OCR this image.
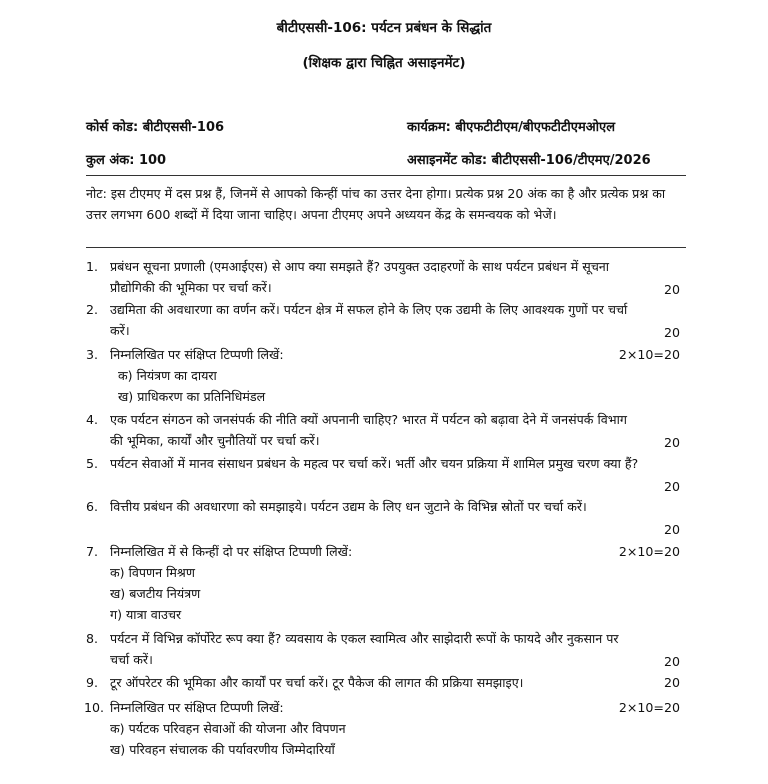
बीटीएससी-106: पर्यटन प्रबंधन के सिद्धांत
(शिक्षक द्वारा चिह्नित असाइनमेंट)
कोर्स कोड: बीटीएससी-106	कार्यक्रम: बीएफटीटीएम/बीएफटीटीएमओएल
कुल अंक: 100	असाइनमेंट कोड: बीटीएससी-106/टीएमए/2026
नोट: इस टीएमए में दस प्रश्न हैं, जिनमें से आपको किन्हीं पांच का उत्तर देना होगा। प्रत्येक प्रश्न 20 अंक का है और प्रत्येक प्रश्न का उत्तर लगभग 600 शब्दों में दिया जाना चाहिए। अपना टीएमए अपने अध्ययन केंद्र के समन्वयक को भेजें।
1. प्रबंधन सूचना प्रणाली (एमआईएस) से आप क्या समझते हैं? उपयुक्त उदाहरणों के साथ पर्यटन प्रबंधन में सूचना प्रौद्योगिकी की भूमिका पर चर्चा करें।	20
2. उद्यमिता की अवधारणा का वर्णन करें। पर्यटन क्षेत्र में सफल होने के लिए एक उद्यमी के लिए आवश्यक गुणों पर चर्चा करें।	20
3. निम्नलिखित पर संक्षिप्त टिप्पणी लिखें:	2×10=20
क) नियंत्रण का दायरा
ख) प्राधिकरण का प्रतिनिधिमंडल
4. एक पर्यटन संगठन को जनसंपर्क की नीति क्यों अपनानी चाहिए? भारत में पर्यटन को बढ़ावा देने में जनसंपर्क विभाग की भूमिका, कार्यों और चुनौतियों पर चर्चा करें।	20
5. पर्यटन सेवाओं में मानव संसाधन प्रबंधन के महत्व पर चर्चा करें। भर्ती और चयन प्रक्रिया में शामिल प्रमुख चरण क्या हैं?
20
6. वित्तीय प्रबंधन की अवधारणा को समझाइये। पर्यटन उद्यम के लिए धन जुटाने के विभिन्न स्रोतों पर चर्चा करें।
20
7. निम्नलिखित में से किन्हीं दो पर संक्षिप्त टिप्पणी लिखें:	2×10=20
क) विपणन मिश्रण
ख) बजटीय नियंत्रण
ग) यात्रा वाउचर
8. पर्यटन में विभिन्न कॉर्पोरेट रूप क्या हैं? व्यवसाय के एकल स्वामित्व और साझेदारी रूपों के फायदे और नुकसान पर चर्चा करें।	20
9. टूर ऑपरेटर की भूमिका और कार्यों पर चर्चा करें। टूर पैकेज की लागत की प्रक्रिया समझाइए।	20
10. निम्नलिखित पर संक्षिप्त टिप्पणी लिखें:	2×10=20
क) पर्यटक परिवहन सेवाओं की योजना और विपणन
ख) परिवहन संचालक की पर्यावरणीय जिम्मेदारियाँ
